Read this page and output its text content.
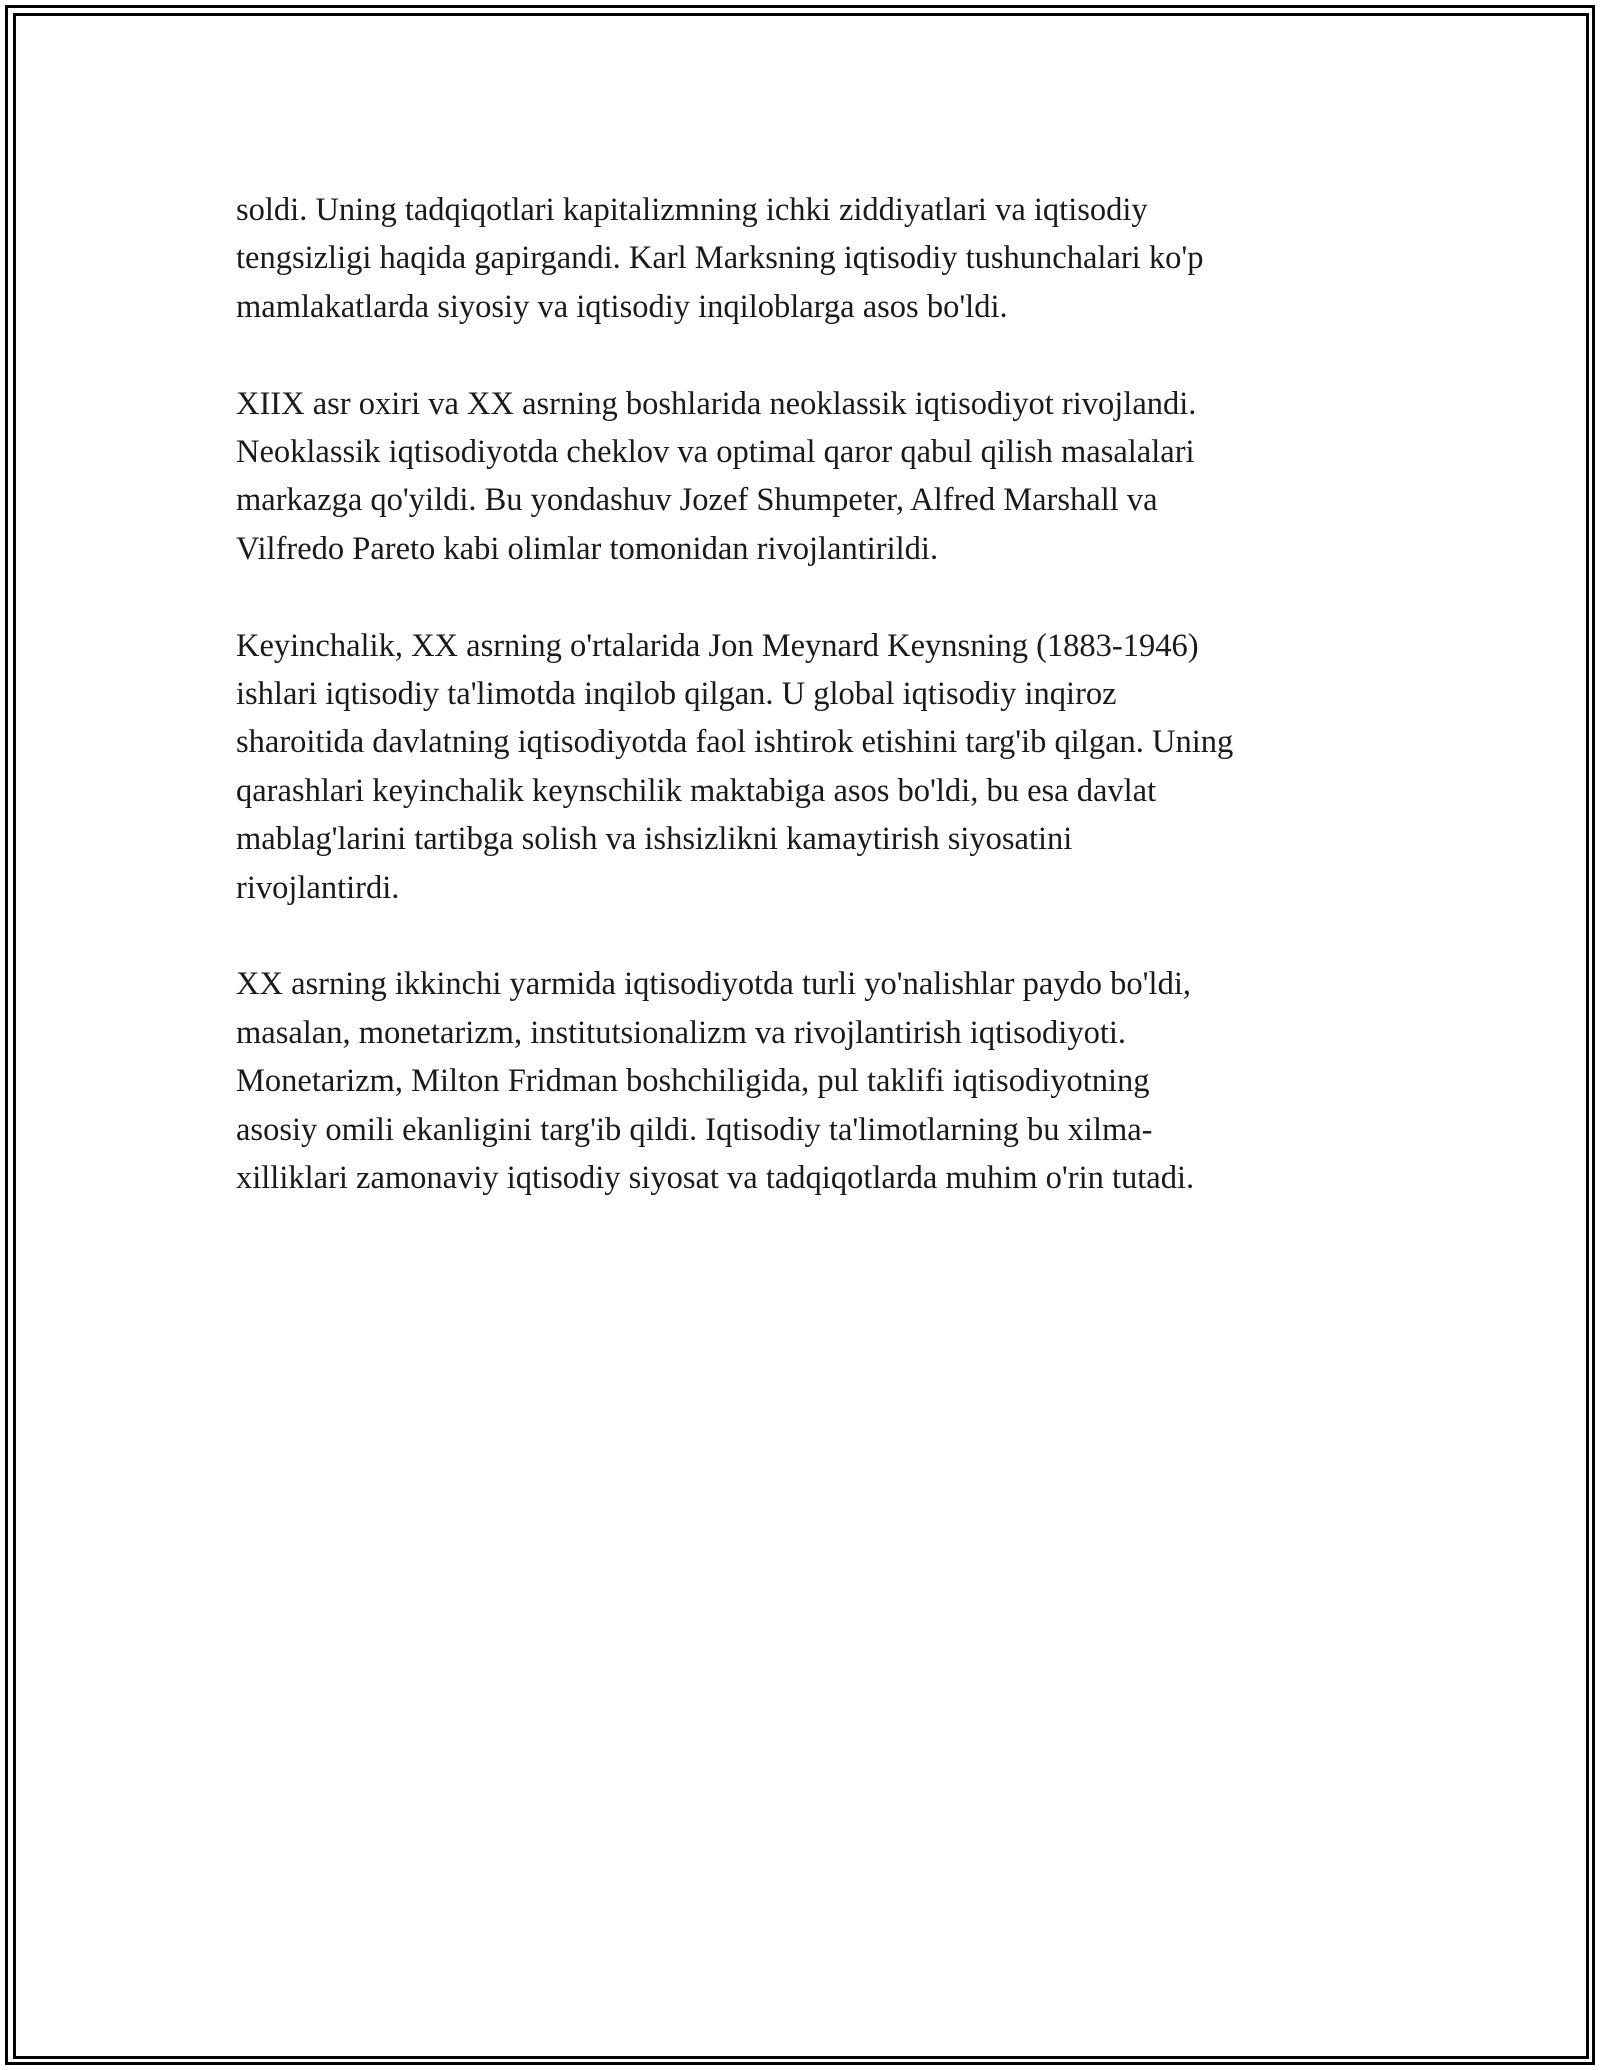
soldi. Uning tadqiqotlari kapitalizmning ichki ziddiyatlari va iqtisodiy
tengsizligi haqida gapirgandi. Karl Marksning iqtisodiy tushunchalari ko'p
mamlakatlarda siyosiy va iqtisodiy inqiloblarga asos bo'ldi.

XIIX asr oxiri va XX asrning boshlarida neoklassik iqtisodiyot rivojlandi.
Neoklassik iqtisodiyotda cheklov va optimal qaror qabul qilish masalalari
markazga qo'yildi. Bu yondashuv Jozef Shumpeter, Alfred Marshall va
Vilfredo Pareto kabi olimlar tomonidan rivojlantirildi.

Keyinchalik, XX asrning o'rtalarida Jon Meynard Keynsning (1883-1946)
ishlari iqtisodiy ta'limotda inqilob qilgan. U global iqtisodiy inqiroz
sharoitida davlatning iqtisodiyotda faol ishtirok etishini targ'ib qilgan. Uning
qarashlari keyinchalik keynschilik maktabiga asos bo'ldi, bu esa davlat
mablag'larini tartibga solish va ishsizlikni kamaytirish siyosatini
rivojlantirdi.

XX asrning ikkinchi yarmida iqtisodiyotda turli yo'nalishlar paydo bo'ldi,
masalan, monetarizm, institutsionalizm va rivojlantirish iqtisodiyoti.
Monetarizm, Milton Fridman boshchiligida, pul taklifi iqtisodiyotning
asosiy omili ekanligini targ'ib qildi. Iqtisodiy ta'limotlarning bu xilma-
xilliklari zamonaviy iqtisodiy siyosat va tadqiqotlarda muhim o'rin tutadi.
